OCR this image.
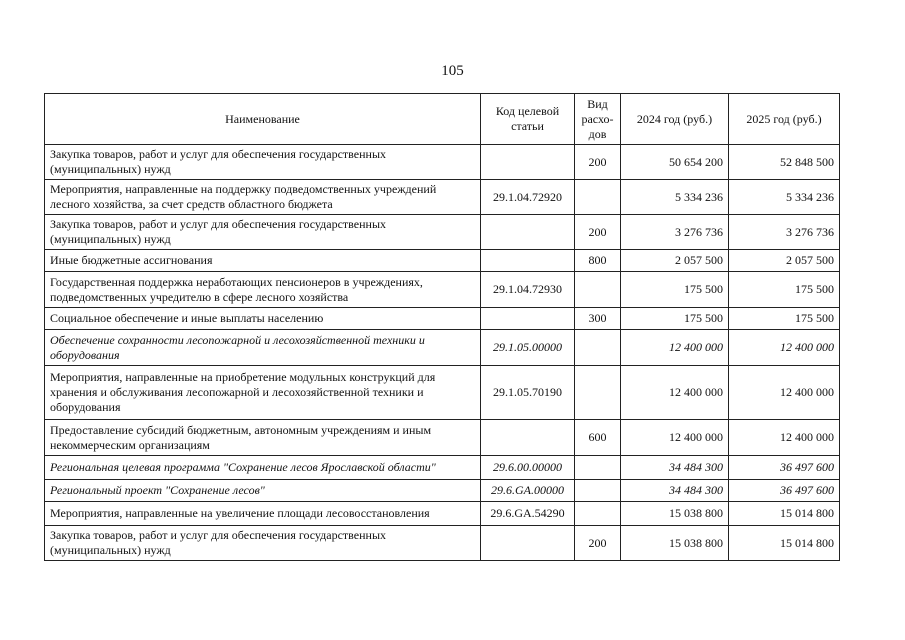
105
Наименование	Код целевой статьи	Вид расхо-дов	2024 год (руб.)	2025 год (руб.)
Закупка товаров, работ и услуг для обеспечения государственных (муниципальных) нужд		200	50 654 200	52 848 500
Мероприятия, направленные на поддержку подведомственных учреждений лесного хозяйства, за счет средств областного бюджета	29.1.04.72920		5 334 236	5 334 236
Закупка товаров, работ и услуг для обеспечения государственных (муниципальных) нужд		200	3 276 736	3 276 736
Иные бюджетные ассигнования		800	2 057 500	2 057 500
Государственная поддержка неработающих пенсионеров в учреждениях, подведомственных учредителю в сфере лесного хозяйства	29.1.04.72930		175 500	175 500
Социальное обеспечение и иные выплаты населению		300	175 500	175 500
Обеспечение сохранности лесопожарной и лесохозяйственной техники и оборудования	29.1.05.00000		12 400 000	12 400 000
Мероприятия, направленные на приобретение модульных конструкций для хранения и обслуживания лесопожарной и лесохозяйственной техники и оборудования	29.1.05.70190		12 400 000	12 400 000
Предоставление субсидий бюджетным, автономным учреждениям и иным некоммерческим организациям		600	12 400 000	12 400 000
Региональная целевая программа "Сохранение лесов Ярославской области"	29.6.00.00000		34 484 300	36 497 600
Региональный проект "Сохранение лесов"	29.6.GA.00000		34 484 300	36 497 600
Мероприятия, направленные на увеличение площади лесовосстановления	29.6.GA.54290		15 038 800	15 014 800
Закупка товаров, работ и услуг для обеспечения государственных (муниципальных) нужд		200	15 038 800	15 014 800
